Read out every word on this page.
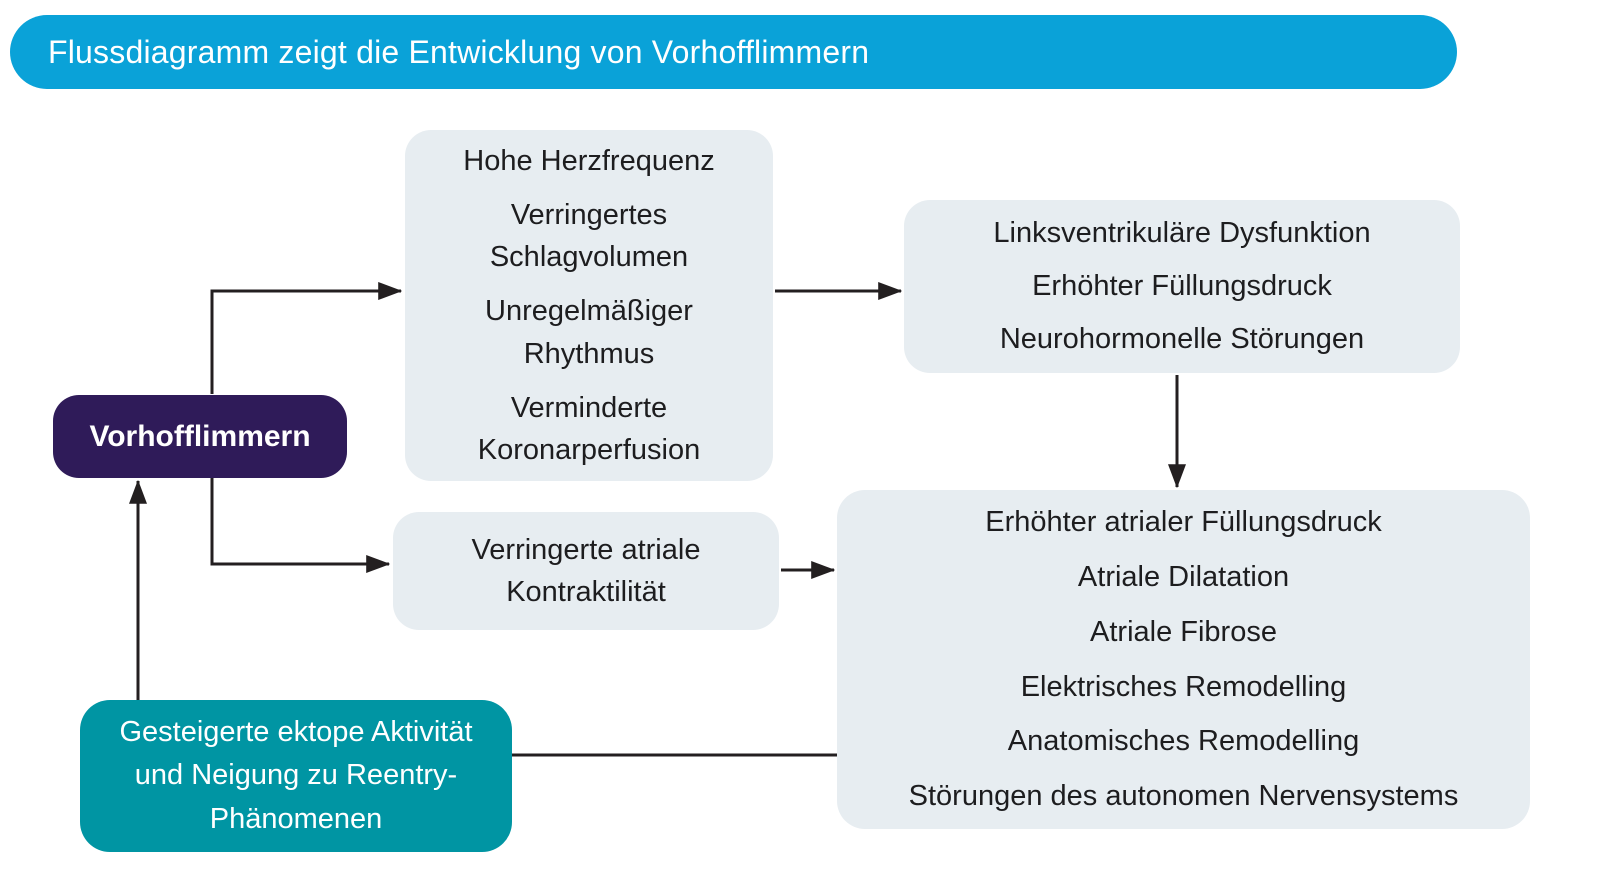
Flussdiagramm zeigt die Entwicklung von Vorhofflimmern
Hohe Herzfrequenz
Verringertes Schlagvolumen
Unregelmäßiger Rhythmus
Verminderte Koronarperfusion
Linksventrikuläre Dysfunktion
Erhöhter Füllungsdruck
Neurohormonelle Störungen
Vorhofflimmern
Verringerte atriale Kontraktilität
Erhöhter atrialer Füllungsdruck
Atriale Dilatation
Atriale Fibrose
Elektrisches Remodelling
Anatomisches Remodelling
Störungen des autonomen Nervensystems
Gesteigerte ektope Aktivität
und Neigung zu Reentry-
Phänomenen
